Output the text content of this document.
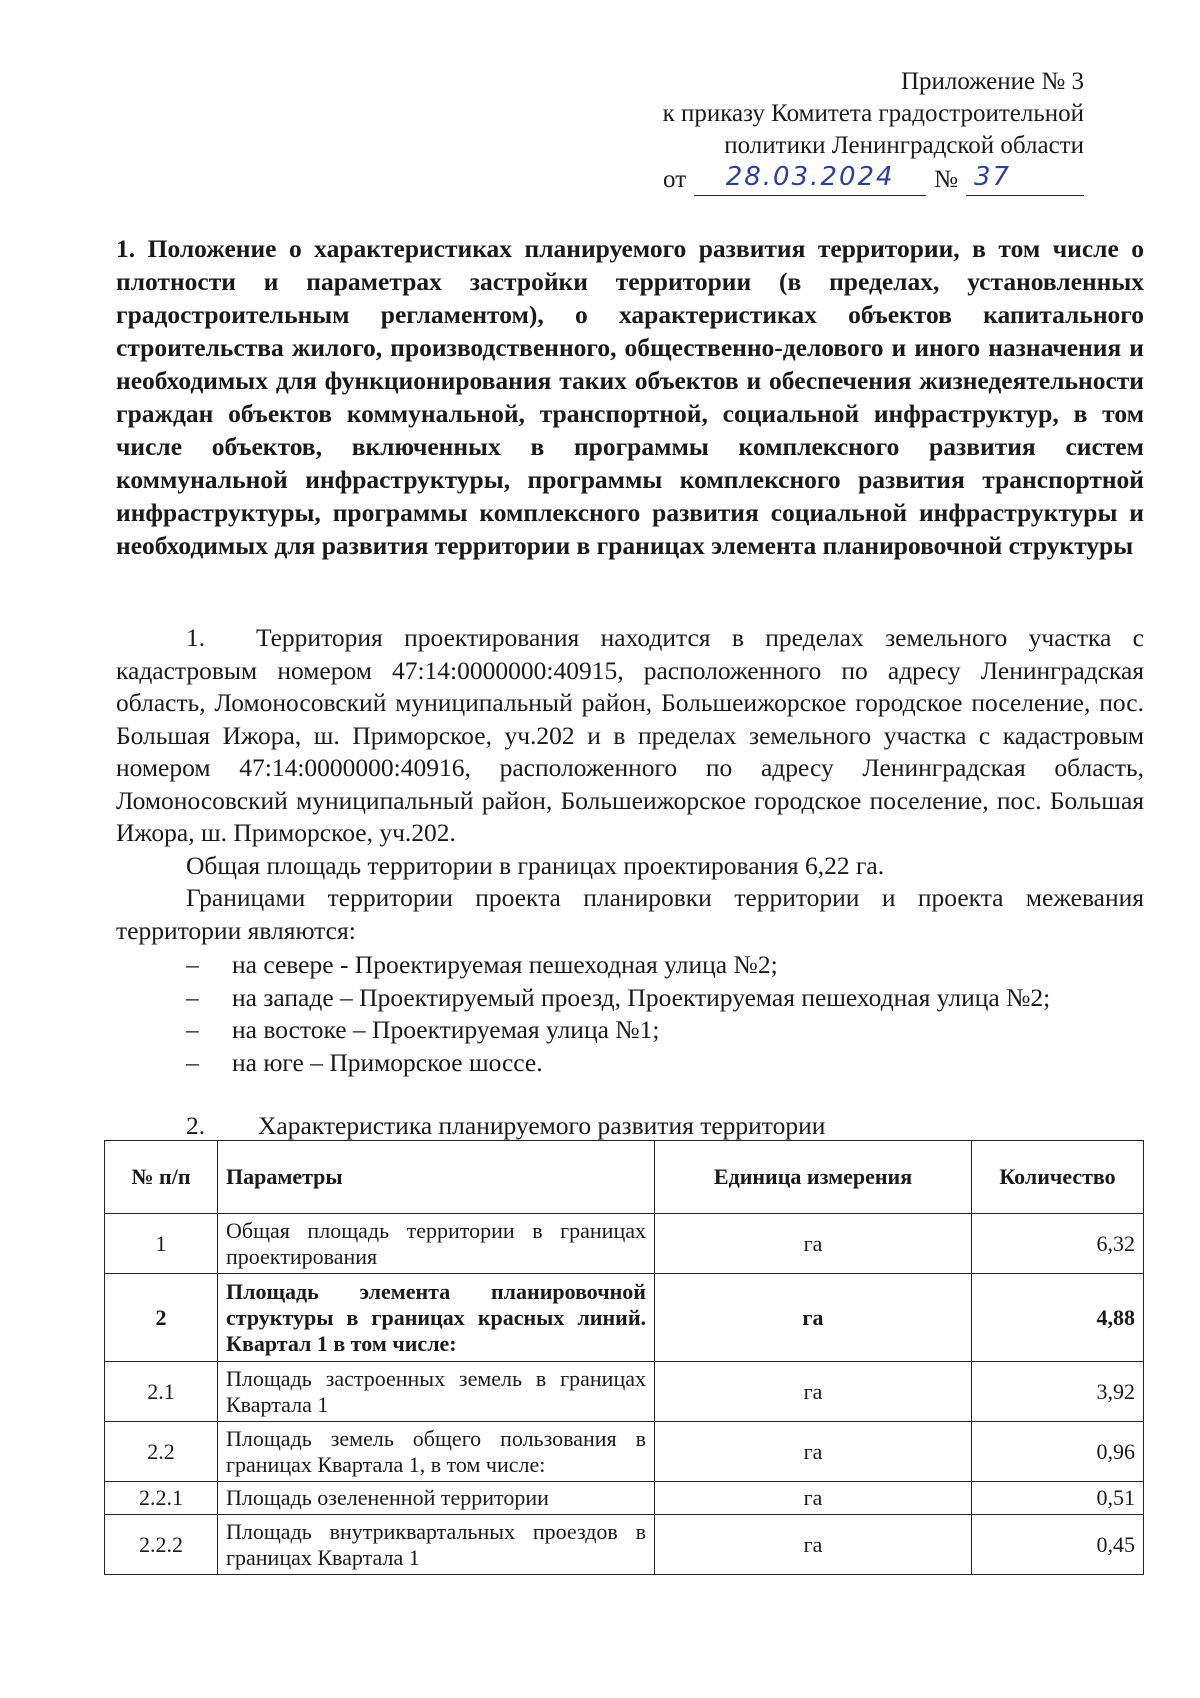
Приложение № 3
к приказу Комитета градостроительной
политики Ленинградской области
от	28.03.2024	№ 37
1. Положение о характеристиках планируемого развития территории, в том числе о плотности и параметрах застройки территории (в пределах, установленных градостроительным регламентом), о характеристиках объектов капитального строительства жилого, производственного, общественно-делового и иного назначения и необходимых для функционирования таких объектов и обеспечения жизнедеятельности граждан объектов коммунальной, транспортной, социальной инфраструктур, в том числе объектов, включенных в программы комплексного развития систем коммунальной инфраструктуры, программы комплексного развития транспортной инфраструктуры, программы комплексного развития социальной инфраструктуры и необходимых для развития территории в границах элемента планировочной структуры

1. Территория проектирования находится в пределах земельного участка с кадастровым номером 47:14:0000000:40915, расположенного по адресу Ленинградская область, Ломоносовский муниципальный район, Большеижорское городское поселение, пос. Большая Ижора, ш. Приморское, уч.202 и в пределах земельного участка с кадастровым номером 47:14:0000000:40916, расположенного по адресу Ленинградская область, Ломоносовский муниципальный район, Большеижорское городское поселение, пос. Большая Ижора, ш. Приморское, уч.202.

Общая площадь территории в границах проектирования 6,22 га.

Границами территории проекта планировки территории и проекта межевания территории являются:

– на севере - Проектируемая пешеходная улица №2;
– на западе – Проектируемый проезд, Проектируемая пешеходная улица №2;
– на востоке – Проектируемая улица №1;
– на юге – Приморское шоссе.
2. Характеристика планируемого развития территории
№ п/п	Параметры	Единица измерения	Количество
1	Общая площадь территории в границах проектирования	га	6,32
2	Площадь элемента планировочной структуры в границах красных линий. Квартал 1 в том числе:	га	4,88
2.1	Площадь застроенных земель в границах Квартала 1	га	3,92
2.2	Площадь земель общего пользования в границах Квартала 1, в том числе:	га	0,96
2.2.1	Площадь озелененной территории	га	0,51
2.2.2	Площадь внутриквартальных проездов в границах Квартала 1	га	0,45
